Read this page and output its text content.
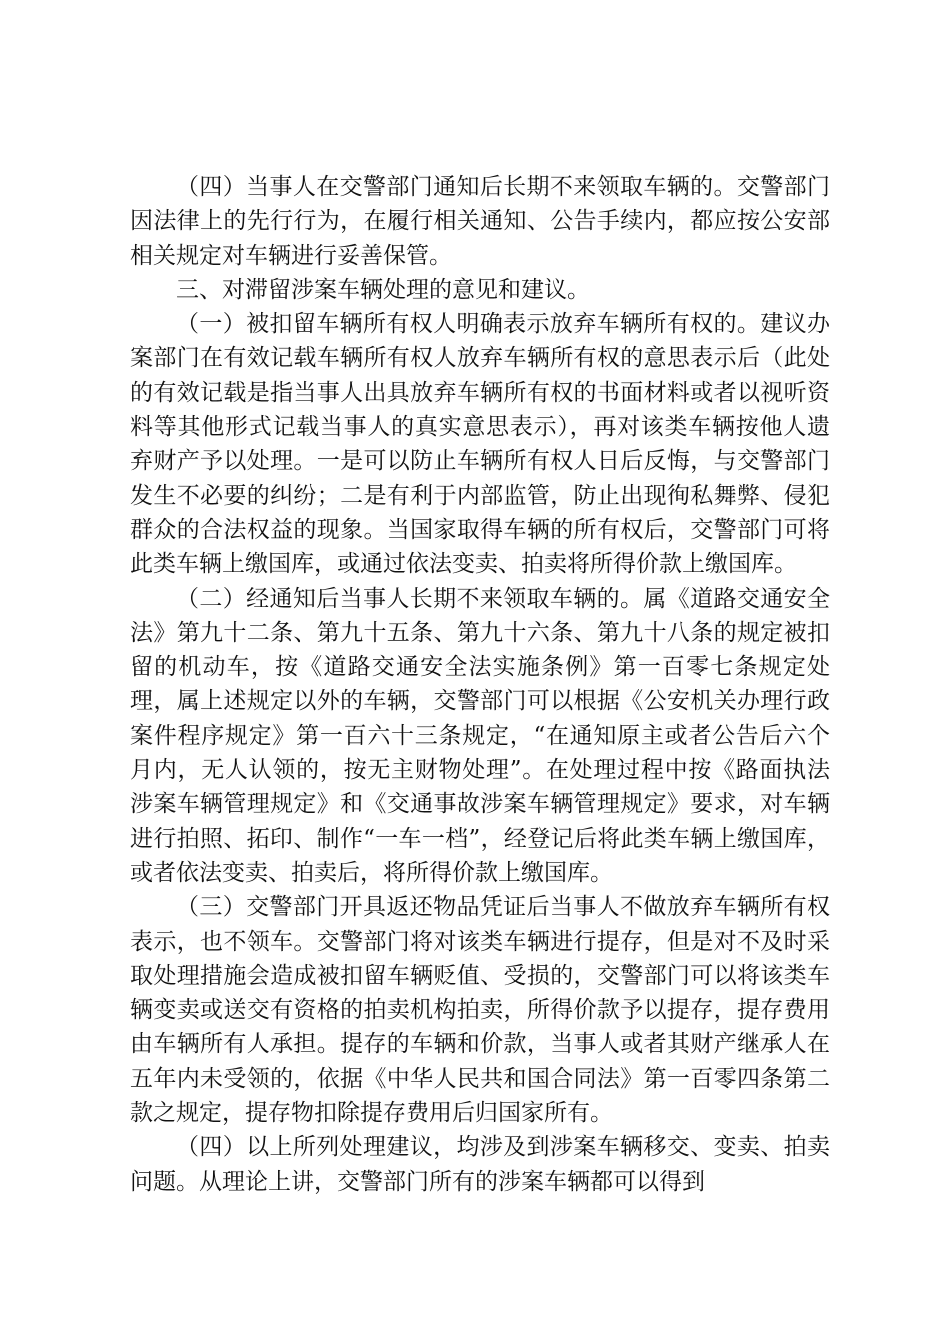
（四）当事人在交警部门通知后长期不来领取车辆的。交警部门因法律上的先行行为，在履行相关通知、公告手续内，都应按公安部相关规定对车辆进行妥善保管。

三、对滞留涉案车辆处理的意见和建议。

（一）被扣留车辆所有权人明确表示放弃车辆所有权的。建议办案部门在有效记载车辆所有权人放弃车辆所有权的意思表示后（此处的有效记载是指当事人出具放弃车辆所有权的书面材料或者以视听资料等其他形式记载当事人的真实意思表示），再对该类车辆按他人遗弃财产予以处理。一是可以防止车辆所有权人日后反悔，与交警部门发生不必要的纠纷；二是有利于内部监管，防止出现徇私舞弊、侵犯群众的合法权益的现象。当国家取得车辆的所有权后，交警部门可将此类车辆上缴国库，或通过依法变卖、拍卖将所得价款上缴国库。

（二）经通知后当事人长期不来领取车辆的。属《道路交通安全法》第九十二条、第九十五条、第九十六条、第九十八条的规定被扣留的机动车，按《道路交通安全法实施条例》第一百零七条规定处理，属上述规定以外的车辆，交警部门可以根据《公安机关办理行政案件程序规定》第一百六十三条规定，“在通知原主或者公告后六个月内，无人认领的，按无主财物处理”。在处理过程中按《路面执法涉案车辆管理规定》和《交通事故涉案车辆管理规定》要求，对车辆进行拍照、拓印、制作“一车一档”，经登记后将此类车辆上缴国库，或者依法变卖、拍卖后，将所得价款上缴国库。

（三）交警部门开具返还物品凭证后当事人不做放弃车辆所有权表示，也不领车。交警部门将对该类车辆进行提存，但是对不及时采取处理措施会造成被扣留车辆贬值、受损的，交警部门可以将该类车辆变卖或送交有资格的拍卖机构拍卖，所得价款予以提存，提存费用由车辆所有人承担。提存的车辆和价款，当事人或者其财产继承人在五年内未受领的，依据《中华人民共和国合同法》第一百零四条第二款之规定，提存物扣除提存费用后归国家所有。

（四）以上所列处理建议，均涉及到涉案车辆移交、变卖、拍卖问题。从理论上讲，交警部门所有的涉案车辆都可以得到
